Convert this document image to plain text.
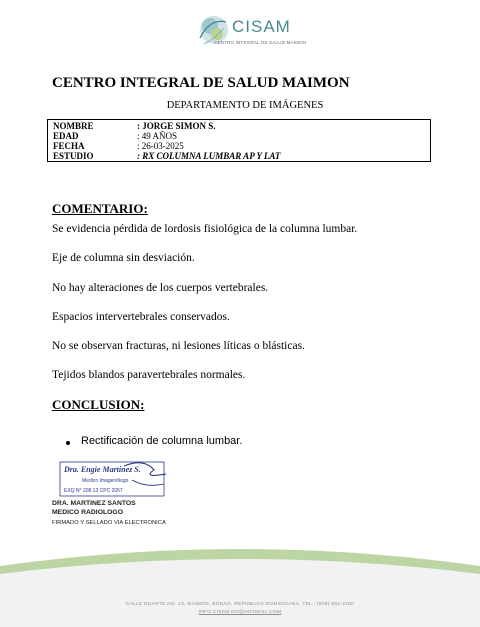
CISAM
CENTRO INTEGRAL DE SALUD MAIMON
CENTRO INTEGRAL DE SALUD MAIMON
DEPARTAMENTO DE IMÁGENES
NOMBRE	: JORGE SIMON S.
EDAD	: 49 AÑOS
FECHA	: 26-03-2025
ESTUDIO	: RX COLUMNA LUMBAR AP Y LAT
COMENTARIO:
Se evidencia pérdida de lordosis fisiológica de la columna lumbar.
Eje de columna sin desviación.
No hay alteraciones de los cuerpos vertebrales.
Espacios intervertebrales conservados.
No se observan fracturas, ni lesiones líticas o blásticas.
Tejidos blandos paravertebrales normales.
CONCLUSION:
Rectificación de columna lumbar.
Dra. Engie Martinez S.
Medico Imagenólogo
EXQ N° 208 13 CPC 2057
DRA. MARTINEZ SANTOS
MEDICO RADIOLOGO
FIRMADO Y SELLADO VIA ELECTRONICA
CALLE DUARTE NO. 13, MAIMÓN, BONAO, REPUBLICA DOMINICANA, TEL.: (809)-551-2100
INFO.CISAM.DO@HOTMAIL.COM
